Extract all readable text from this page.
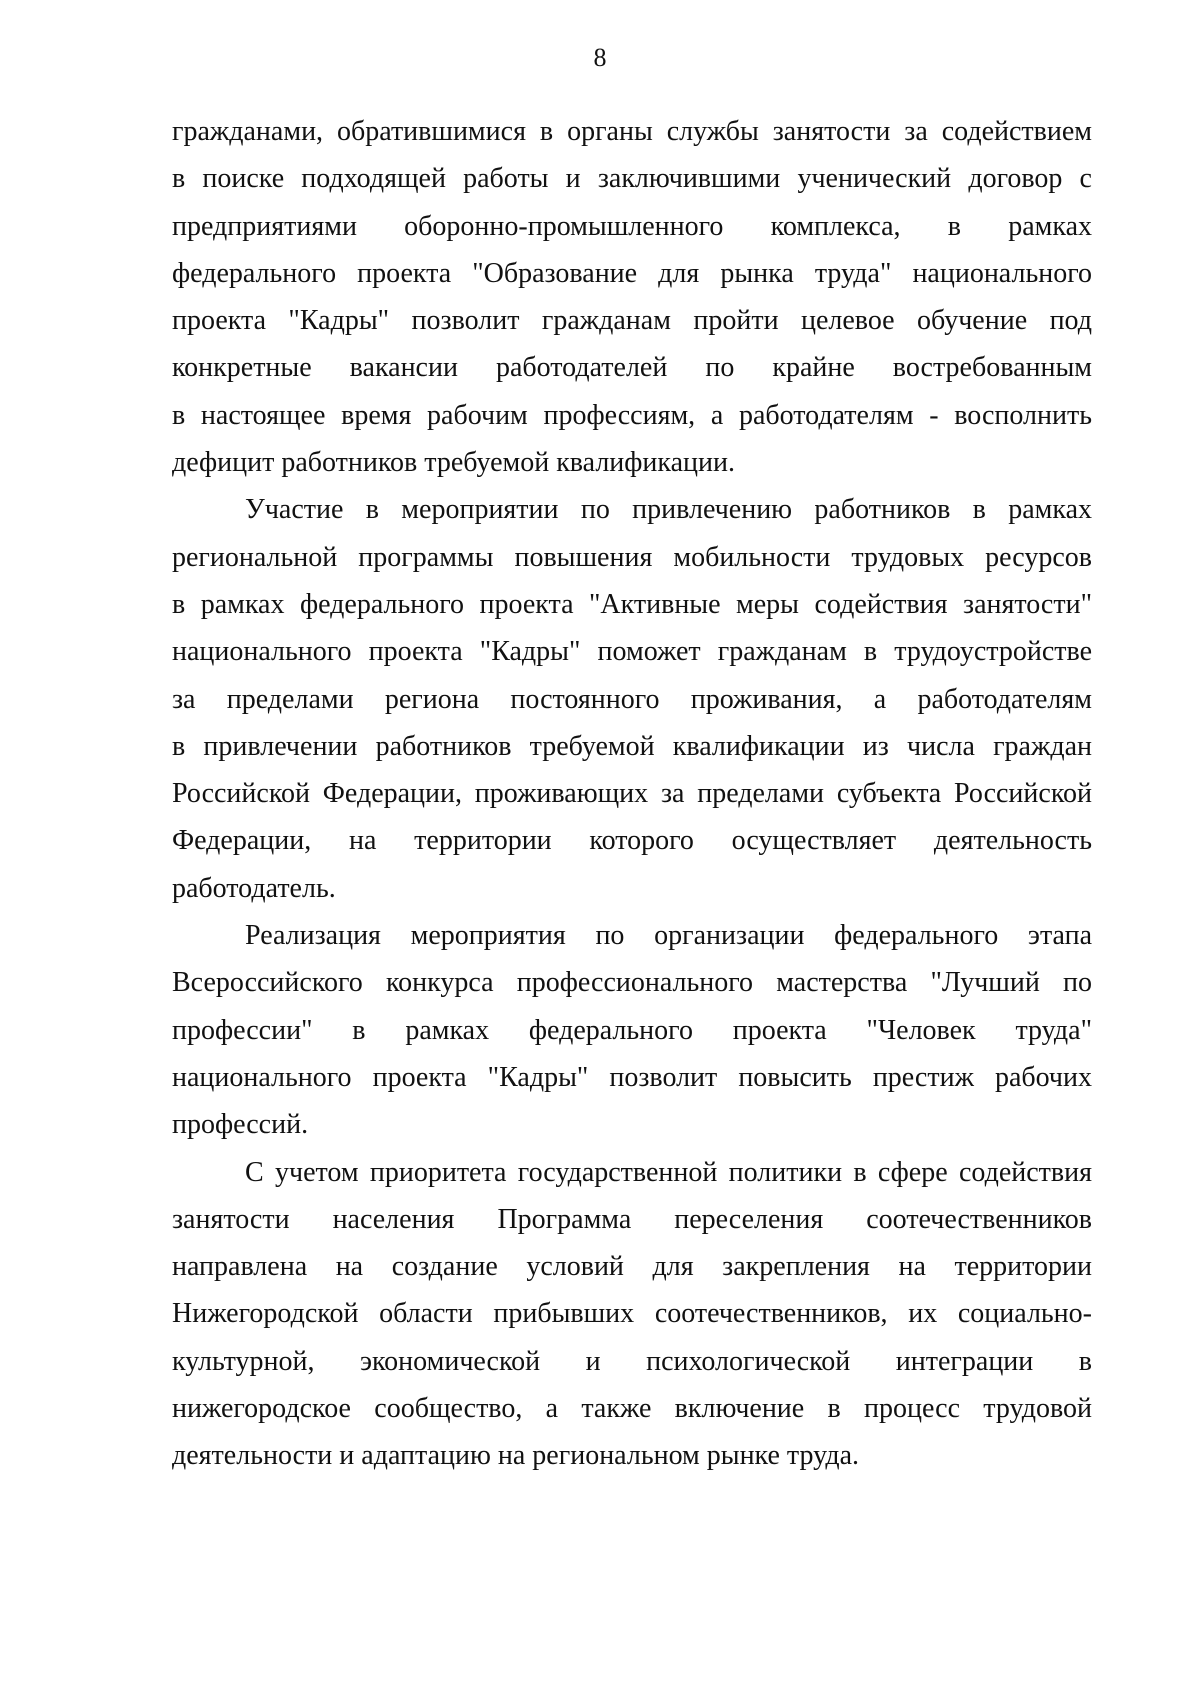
8
гражданами, обратившимися в органы службы занятости за содействием
в поиске подходящей работы и заключившими ученический договор с
предприятиями оборонно-промышленного комплекса, в рамках
федерального проекта "Образование для рынка труда" национального
проекта "Кадры" позволит гражданам пройти целевое обучение под
конкретные вакансии работодателей по крайне востребованным
в настоящее время рабочим профессиям, а работодателям - восполнить
дефицит работников требуемой квалификации.
Участие в мероприятии по привлечению работников в рамках
региональной программы повышения мобильности трудовых ресурсов
в рамках федерального проекта "Активные меры содействия занятости"
национального проекта "Кадры" поможет гражданам в трудоустройстве
за пределами региона постоянного проживания, а работодателям
в привлечении работников требуемой квалификации из числа граждан
Российской Федерации, проживающих за пределами субъекта Российской
Федерации, на территории которого осуществляет деятельность
работодатель.
Реализация мероприятия по организации федерального этапа
Всероссийского конкурса профессионального мастерства "Лучший по
профессии" в рамках федерального проекта "Человек труда"
национального проекта "Кадры" позволит повысить престиж рабочих
профессий.
С учетом приоритета государственной политики в сфере содействия
занятости населения Программа переселения соотечественников
направлена на создание условий для закрепления на территории
Нижегородской области прибывших соотечественников, их социально-
культурной, экономической и психологической интеграции в
нижегородское сообщество, а также включение в процесс трудовой
деятельности и адаптацию на региональном рынке труда.
